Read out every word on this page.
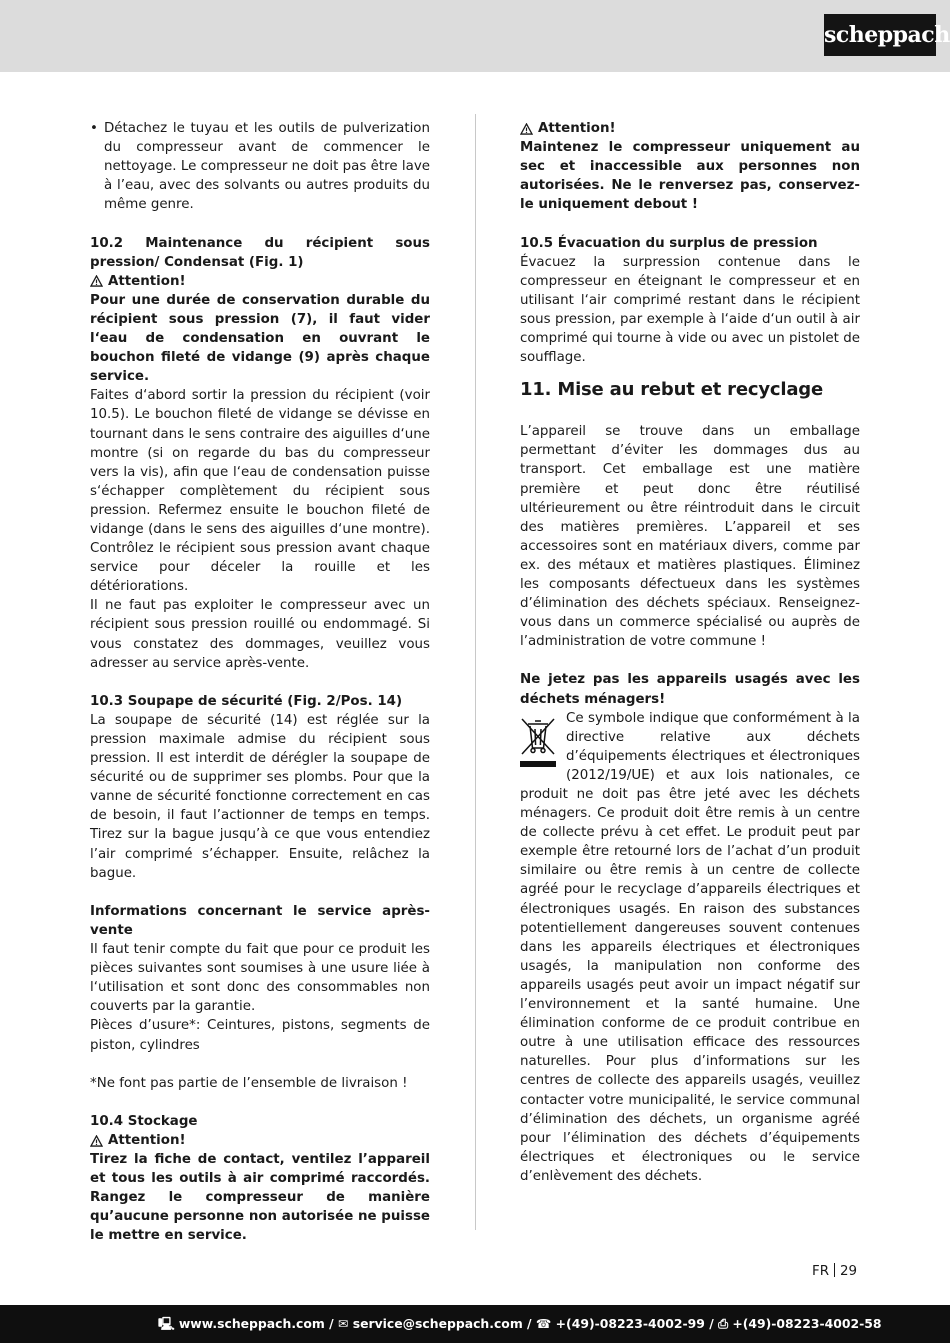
scheppach
• Détachez le tuyau et les outils de pulverization du compresseur avant de commencer le nettoyage. Le compresseur ne doit pas être lave à l’eau, avec des solvants ou autres produits du même genre.

10.2 Maintenance du récipient sous pression/ Condensat (Fig. 1)

Attention!

Pour une durée de conservation durable du récipient sous pression (7), il faut vider l‘eau de condensation en ouvrant le bouchon fileté de vidange (9) après chaque service.

Faites d‘abord sortir la pression du récipient (voir 10.5). Le bouchon fileté de vidange se dévisse en tournant dans le sens contraire des aiguilles d‘une montre (si on regarde du bas du compresseur vers la vis), afin que l‘eau de condensation puisse s‘échapper complètement du récipient sous pression. Refermez ensuite le bouchon fileté de vidange (dans le sens des aiguilles d‘une montre). Contrôlez le récipient sous pression avant chaque service pour déceler la rouille et les détériorations.

Il ne faut pas exploiter le compresseur avec un récipient sous pression rouillé ou endommagé. Si vous constatez des dommages, veuillez vous adresser au service après-vente.

10.3 Soupape de sécurité (Fig. 2/Pos. 14)

La soupape de sécurité (14) est réglée sur la pression maximale admise du récipient sous pression. Il est interdit de dérégler la soupape de sécurité ou de supprimer ses plombs. Pour que la vanne de sécurité fonctionne correctement en cas de besoin, il faut l’actionner de temps en temps. Tirez sur la bague jusqu’à ce que vous entendiez l’air comprimé s’échapper. Ensuite, relâchez la bague.

Informations concernant le service après-vente

Il faut tenir compte du fait que pour ce produit les pièces suivantes sont soumises à une usure liée à l‘utilisation et sont donc des consommables non couverts par la garantie.

Pièces d’usure*: Ceintures, pistons, segments de piston, cylindres

*Ne font pas partie de l’ensemble de livraison !

10.4 Stockage

Attention!

Tirez la fiche de contact, ventilez l’appareil et tous les outils à air comprimé raccordés. Rangez le compresseur de manière qu’aucune personne non autorisée ne puisse le mettre en service.

Attention!

Maintenez le compresseur uniquement au sec et inaccessible aux personnes non autorisées. Ne le renversez pas, conservez- le uniquement debout !

10.5 Évacuation du surplus de pression

Évacuez la surpression contenue dans le compresseur en éteignant le compresseur et en utilisant l‘air comprimé restant dans le récipient sous pression, par exemple à l‘aide d‘un outil à air comprimé qui tourne à vide ou avec un pistolet de soufflage.

11. Mise au rebut et recyclage

L’appareil se trouve dans un emballage permettant d’éviter les dommages dus au transport. Cet emballage est une matière première et peut donc être réutilisé ultérieurement ou être réintroduit dans le circuit des matières premières. L’appareil et ses accessoires sont en matériaux divers, comme par ex. des métaux et matières plastiques. Éliminez les composants défectueux dans les systèmes d’élimination des déchets spéciaux. Renseignez-vous dans un commerce spécialisé ou auprès de l’administration de votre commune !

Ne jetez pas les appareils usagés avec les déchets ménagers!

Ce symbole indique que conformément à la directive relative aux déchets d’équipements électriques et électroniques (2012/19/UE) et aux lois nationales, ce produit ne doit pas être jeté avec les déchets ménagers. Ce produit doit être remis à un centre de collecte prévu à cet effet. Le produit peut par exemple être retourné lors de l’achat d’un produit similaire ou être remis à un centre de collecte agréé pour le recyclage d’appareils électriques et électroniques usagés. En raison des substances potentiellement dangereuses souvent contenues dans les appareils électriques et électroniques usagés, la manipulation non conforme des appareils usagés peut avoir un impact négatif sur l’environnement et la santé humaine. Une élimination conforme de ce produit contribue en outre à une utilisation efficace des ressources naturelles. Pour plus d’informations sur les centres de collecte des appareils usagés, veuillez contacter votre municipalité, le service communal d’élimination des déchets, un organisme agréé pour l’élimination des déchets d’équipements électriques et électroniques ou le service d’enlèvement des déchets.

FR 29
🖳 www.scheppach.com / ✉ service@scheppach.com / ☎ +(49)-08223-4002-99 / ⎙ +(49)-08223-4002-58
